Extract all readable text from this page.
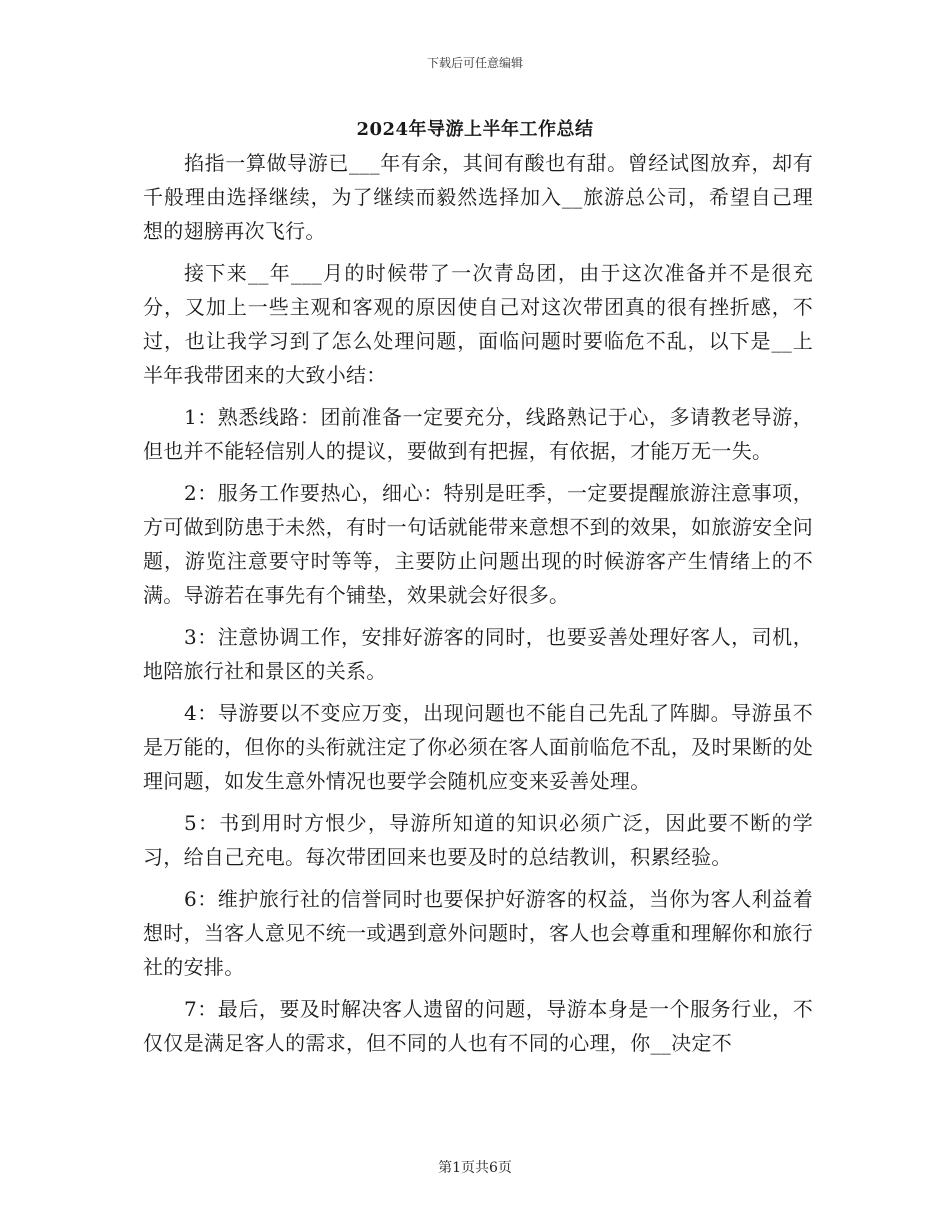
下载后可任意编辑
2024年导游上半年工作总结

掐指一算做导游已___年有余，其间有酸也有甜。曾经试图放弃，却有千般理由选择继续，为了继续而毅然选择加入__旅游总公司，希望自己理想的翅膀再次飞行。

接下来__年___月的时候带了一次青岛团，由于这次准备并不是很充分，又加上一些主观和客观的原因使自己对这次带团真的很有挫折感，不过，也让我学习到了怎么处理问题，面临问题时要临危不乱，以下是__上半年我带团来的大致小结：

1：熟悉线路：团前准备一定要充分，线路熟记于心，多请教老导游，但也并不能轻信别人的提议，要做到有把握，有依据，才能万无一失。

2：服务工作要热心，细心：特别是旺季，一定要提醒旅游注意事项，方可做到防患于未然，有时一句话就能带来意想不到的效果，如旅游安全问题，游览注意要守时等等，主要防止问题出现的时候游客产生情绪上的不满。导游若在事先有个铺垫，效果就会好很多。

3：注意协调工作，安排好游客的同时，也要妥善处理好客人，司机，地陪旅行社和景区的关系。

4：导游要以不变应万变，出现问题也不能自己先乱了阵脚。导游虽不是万能的，但你的头衔就注定了你必须在客人面前临危不乱，及时果断的处理问题，如发生意外情况也要学会随机应变来妥善处理。

5：书到用时方恨少，导游所知道的知识必须广泛，因此要不断的学习，给自己充电。每次带团回来也要及时的总结教训，积累经验。

6：维护旅行社的信誉同时也要保护好游客的权益，当你为客人利益着想时，当客人意见不统一或遇到意外问题时，客人也会尊重和理解你和旅行社的安排。

7：最后，要及时解决客人遗留的问题，导游本身是一个服务行业，不仅仅是满足客人的需求，但不同的人也有不同的心理，你__决定不

第1页共6页
